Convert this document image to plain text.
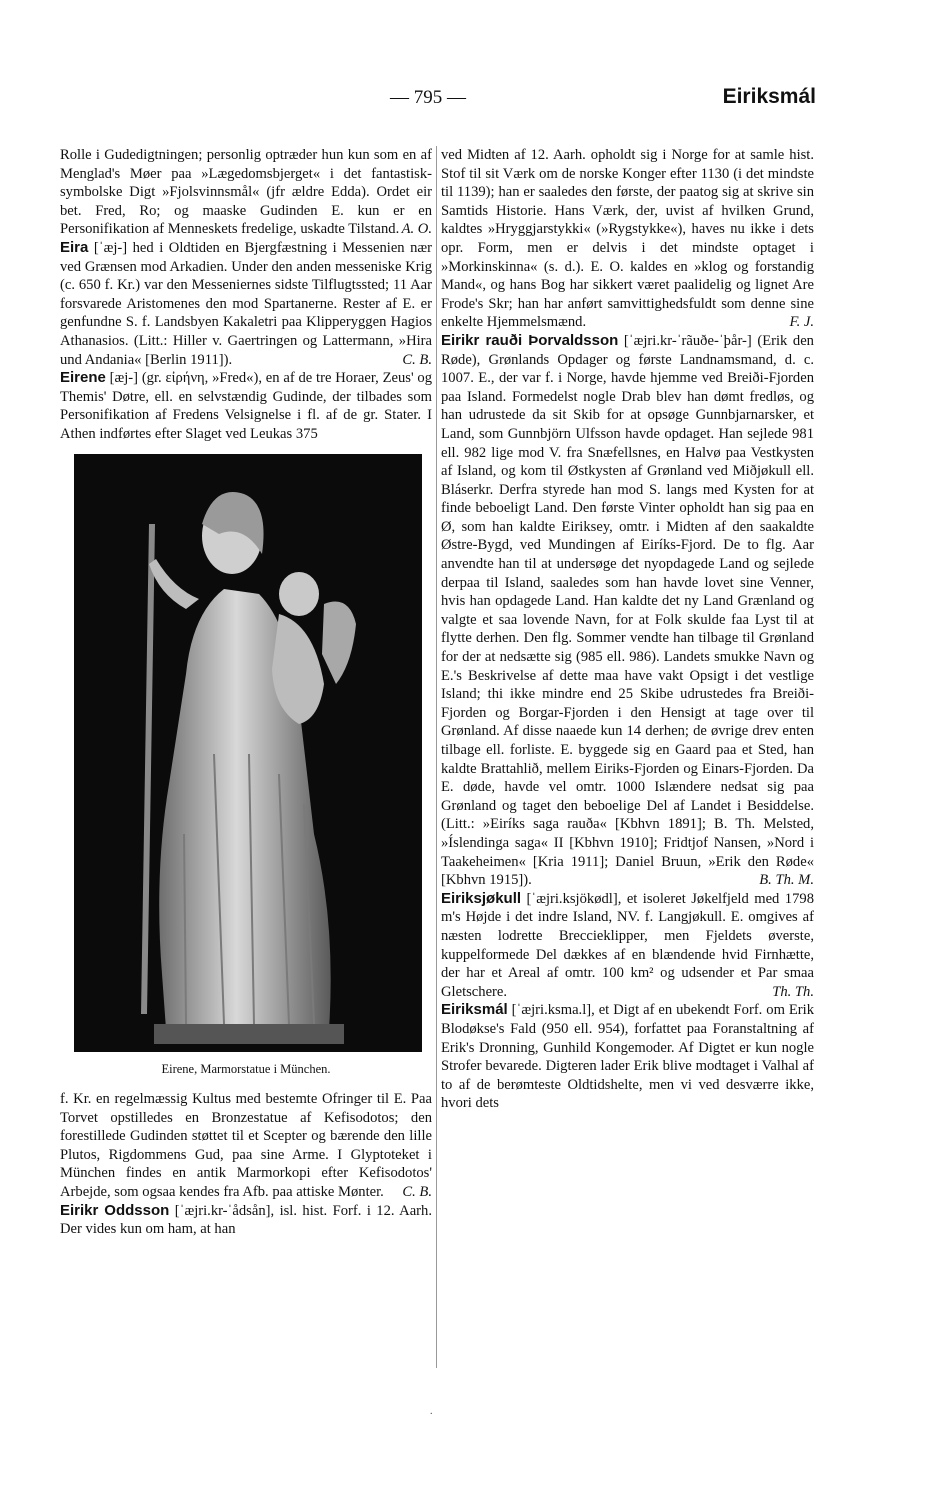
— 795 —	Eiriksmál

Rolle i Gudedigtningen; personlig optræder hun kun som en af Menglad's Møer paa »Lægedomsbjerget« i det fantastisk-symbolske Digt »Fjolsvinnsmål« (jfr ældre Edda). Ordet eir bet. Fred, Ro; og maaske Gudinden E. kun er en Personifikation af Menneskets fredelige, uskadte Tilstand. A. O.

Eira [ˈæj-] hed i Oldtiden en Bjergfæstning i Messenien nær ved Grænsen mod Arkadien. Under den anden messeniske Krig (c. 650 f. Kr.) var den Messeniernes sidste Tilflugtssted; 11 Aar forsvarede Aristomenes den mod Spartanerne. Rester af E. er genfundne S. f. Landsbyen Kakaletri paa Klipperyggen Hagios Athanasios. (Litt.: Hiller v. Gaertringen og Lattermann, »Hira und Andania« [Berlin 1911]).	C. B.

Eirene [æj-] (gr. εἰρήνη, »Fred«), en af de tre Horaer, Zeus' og Themis' Døtre, ell. en selvstændig Gudinde, der tilbades som Personifikation af Fredens Velsignelse i fl. af de gr. Stater. I Athen indførtes efter Slaget ved Leukas 375

Eirene, Marmorstatue i München.

f. Kr. en regelmæssig Kultus med bestemte Ofringer til E. Paa Torvet opstilledes en Bronzestatue af Kefisodotos; den forestillede Gudinden støttet til et Scepter og bærende den lille Plutos, Rigdommens Gud, paa sine Arme. I Glyptoteket i München findes en antik Marmorkopi efter Kefisodotos' Arbejde, som ogsaa kendes fra Afb. paa attiske Mønter. C. B.

Eirikr Oddsson [ˈæjri.kr-ˈådsån], isl. hist. Forf. i 12. Aarh. Der vides kun om ham, at han

ved Midten af 12. Aarh. opholdt sig i Norge for at samle hist. Stof til sit Værk om de norske Konger efter 1130 (i det mindste til 1139); han er saaledes den første, der paatog sig at skrive sin Samtids Historie. Hans Værk, der, uvist af hvilken Grund, kaldtes »Hryggjarstykki« (»Rygstykke«), haves nu ikke i dets opr. Form, men er delvis i det mindste optaget i »Morkinskinna« (s. d.). E. O. kaldes en »klog og forstandig Mand«, og hans Bog har sikkert været paalidelig og lignet Are Frode's Skr; han har anført samvittighedsfuldt som denne sine enkelte Hjemmelsmænd.	F. J.

Eirikr rauði Þorvaldsson [ˈæjri.kr-ˈrãuðe-ˈþår-] (Erik den Røde), Grønlands Opdager og første Landnamsmand, d. c. 1007. E., der var f. i Norge, havde hjemme ved Breiði-Fjorden paa Island. Formedelst nogle Drab blev han dømt fredløs, og han udrustede da sit Skib for at opsøge Gunnbjarnarsker, et Land, som Gunnbjörn Ulfsson havde opdaget. Han sejlede 981 ell. 982 lige mod V. fra Snæfellsnes, en Halvø paa Vestkysten af Island, og kom til Østkysten af Grønland ved Miðjøkull ell. Bláserkr. Derfra styrede han mod S. langs med Kysten for at finde beboeligt Land. Den første Vinter opholdt han sig paa en Ø, som han kaldte Eiriksey, omtr. i Midten af den saakaldte Østre-Bygd, ved Mundingen af Eiríks-Fjord. De to flg. Aar anvendte han til at undersøge det nyopdagede Land og sejlede derpaa til Island, saaledes som han havde lovet sine Venner, hvis han opdagede Land. Han kaldte det ny Land Grænland og valgte et saa lovende Navn, for at Folk skulde faa Lyst til at flytte derhen. Den flg. Sommer vendte han tilbage til Grønland for der at nedsætte sig (985 ell. 986). Landets smukke Navn og E.'s Beskrivelse af dette maa have vakt Opsigt i det vestlige Island; thi ikke mindre end 25 Skibe udrustedes fra Breiði-Fjorden og Borgar-Fjorden i den Hensigt at tage over til Grønland. Af disse naaede kun 14 derhen; de øvrige drev enten tilbage ell. forliste. E. byggede sig en Gaard paa et Sted, han kaldte Brattahlið, mellem Eiriks-Fjorden og Einars-Fjorden. Da E. døde, havde vel omtr. 1000 Islændere nedsat sig paa Grønland og taget den beboelige Del af Landet i Besiddelse. (Litt.: »Eiríks saga rauða« [Kbhvn 1891]; B. Th. Melsted, »Íslendinga saga« II [Kbhvn 1910]; Fridtjof Nansen, »Nord i Taakeheimen« [Kria 1911]; Daniel Bruun, »Erik den Røde« [Kbhvn 1915]).	B. Th. M.

Eiriksjøkull [ˈæjri.ksjökødl], et isoleret Jøkelfjeld med 1798 m's Højde i det indre Island, NV. f. Langjøkull. E. omgives af næsten lodrette Breccieklipper, men Fjeldets øverste, kuppelformede Del dækkes af en blændende hvid Firnhætte, der har et Areal af omtr. 100 km² og udsender et Par smaa Gletschere.	Th. Th.

Eiriksmál [ˈæjri.ksma.l], et Digt af en ubekendt Forf. om Erik Blodøkse's Fald (950 ell. 954), forfattet paa Foranstaltning af Erik's Dronning, Gunhild Kongemoder. Af Digtet er kun nogle Strofer bevarede. Digteren lader Erik blive modtaget i Valhal af to af de berømteste Oldtidshelte, men vi ved desværre ikke, hvori dets

.
